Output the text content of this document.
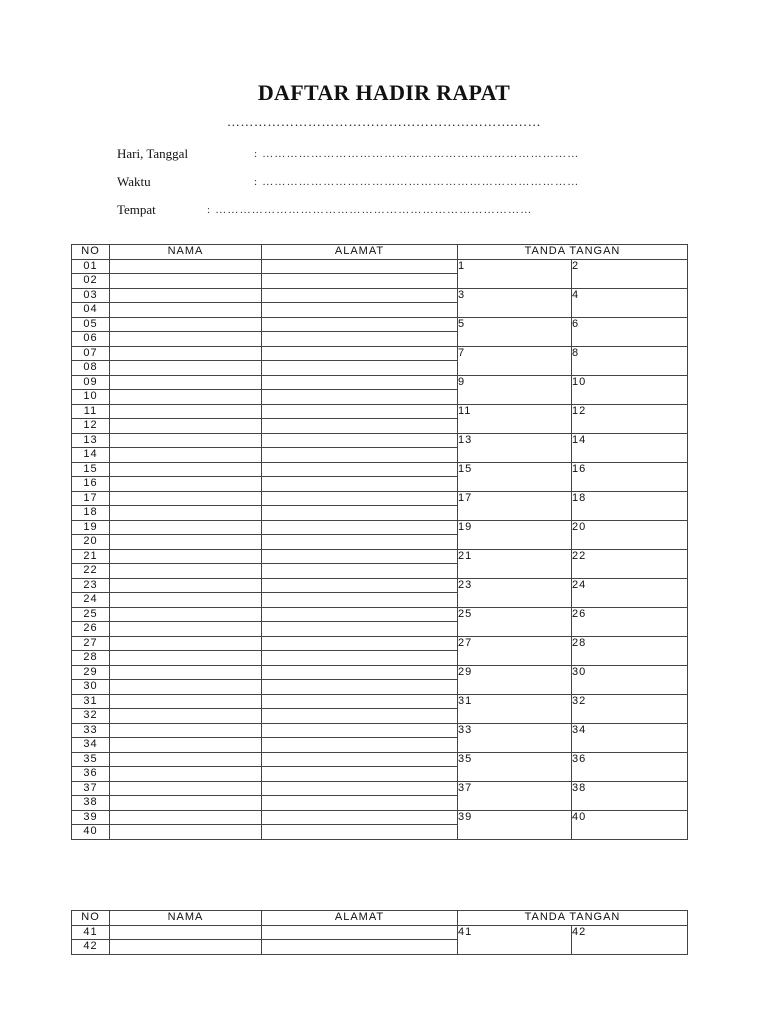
DAFTAR HADIR RAPAT
……………………………………………………….……
Hari, Tanggal	: ……………………………………………………………………
Waktu	: ……………………………………………………………………
Tempat	: ……………………………………………………………………
NO	NAMA	ALAMAT	TANDA TANGAN	
01			1	2
02				
03			3	4
04				
05			5	6
06				
07			7	8
08				
09			9	10
10				
11			11	12
12				
13			13	14
14				
15			15	16
16				
17			17	18
18				
19			19	20
20				
21			21	22
22				
23			23	24
24				
25			25	26
26				
27			27	28
28				
29			29	30
30				
31			31	32
32				
33			33	34
34				
35			35	36
36				
37			37	38
38				
39			39	40
40				
NO	NAMA	ALAMAT	TANDA TANGAN	
41			41	42
42				
